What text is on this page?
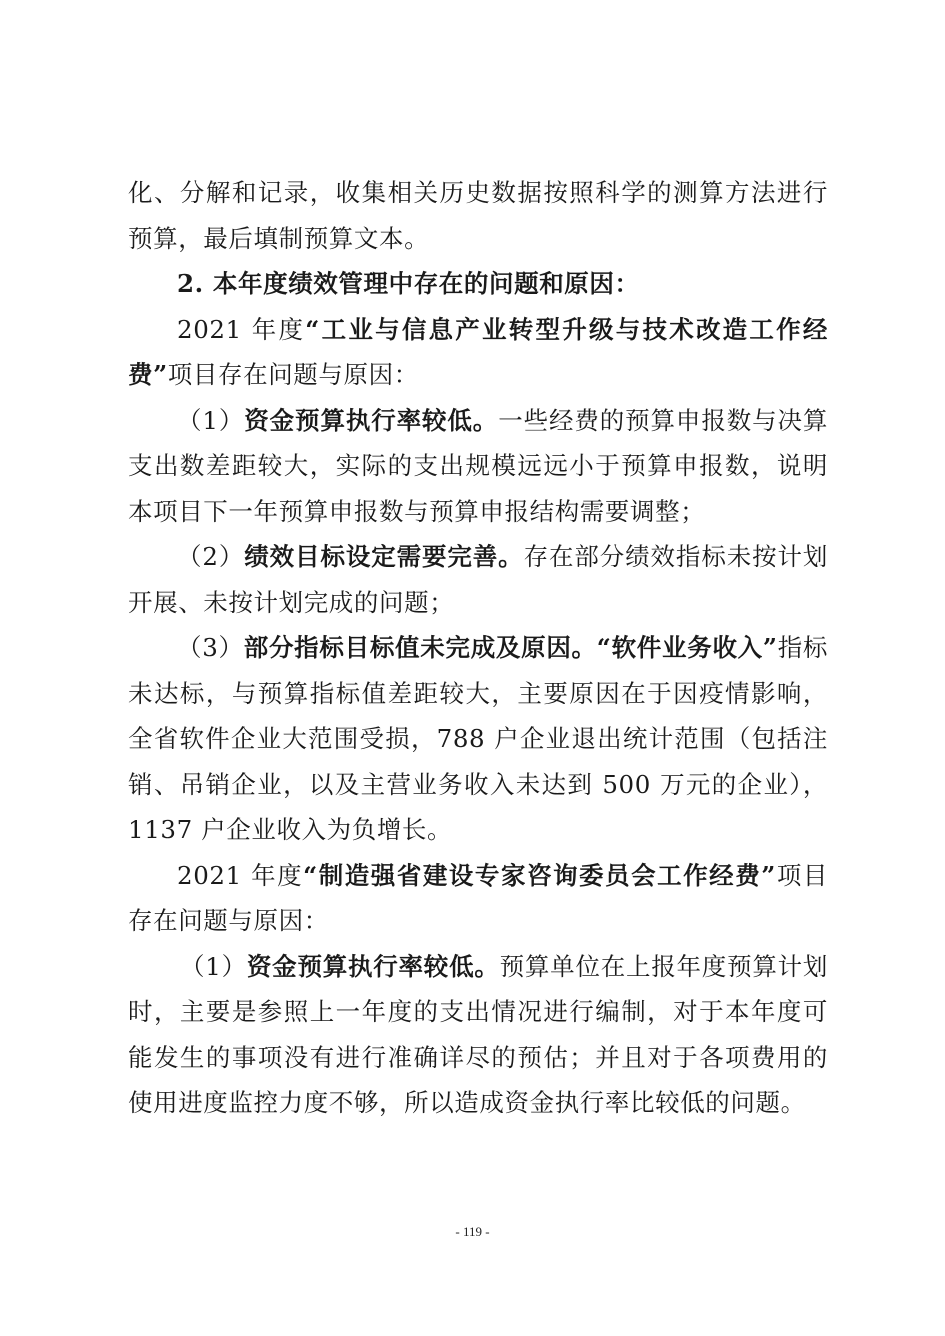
化、分解和记录，收集相关历史数据按照科学的测算方法进行预算，最后填制预算文本。

2. 本年度绩效管理中存在的问题和原因：

2021 年度“工业与信息产业转型升级与技术改造工作经费”项目存在问题与原因：

（1）资金预算执行率较低。一些经费的预算申报数与决算支出数差距较大，实际的支出规模远远小于预算申报数，说明本项目下一年预算申报数与预算申报结构需要调整；

（2）绩效目标设定需要完善。存在部分绩效指标未按计划开展、未按计划完成的问题；

（3）部分指标目标值未完成及原因。“软件业务收入”指标未达标，与预算指标值差距较大，主要原因在于因疫情影响，全省软件企业大范围受损，788 户企业退出统计范围（包括注销、吊销企业，以及主营业务收入未达到 500 万元的企业），1137 户企业收入为负增长。

2021 年度“制造强省建设专家咨询委员会工作经费”项目存在问题与原因：

（1）资金预算执行率较低。预算单位在上报年度预算计划时，主要是参照上一年度的支出情况进行编制，对于本年度可能发生的事项没有进行准确详尽的预估；并且对于各项费用的使用进度监控力度不够，所以造成资金执行率比较低的问题。

- 119 -
